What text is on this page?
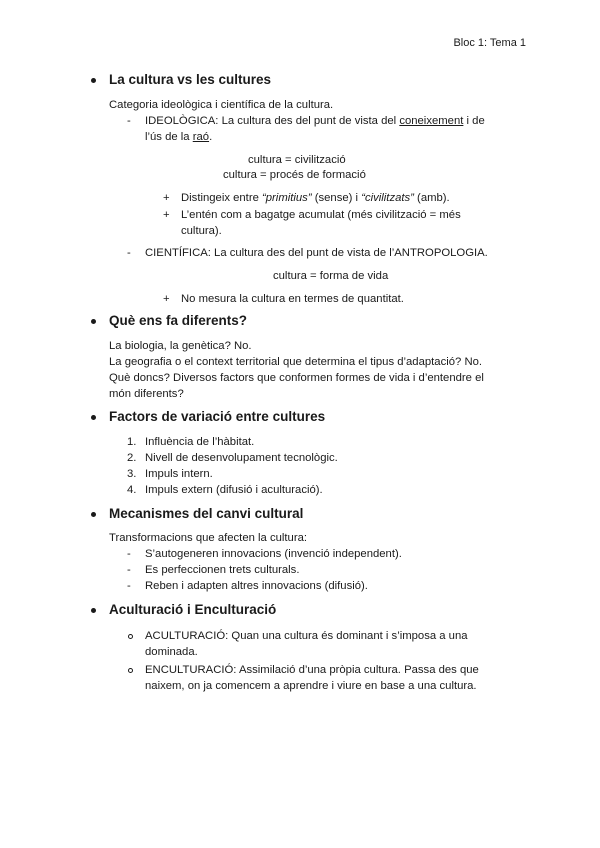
Bloc 1: Tema 1
La cultura vs les cultures
Categoria ideològica i científica de la cultura.
- IDEOLÒGICA: La cultura des del punt de vista del coneixement i de
l’ús de la raó.
cultura = civilització
cultura = procés de formació
+ Distingeix entre “primitius” (sense) i “civilitzats” (amb).
+ L’entén com a bagatge acumulat (més civilització = més
cultura).
- CIENTÍFICA: La cultura des del punt de vista de l’ANTROPOLOGIA.
cultura = forma de vida
+ No mesura la cultura en termes de quantitat.
Què ens fa diferents?
La biologia, la genètica? No.
La geografia o el context territorial que determina el tipus d’adaptació? No.
Què doncs? Diversos factors que conformen formes de vida i d’entendre el
món diferents?
Factors de variació entre cultures
1. Influència de l’hàbitat.
2. Nivell de desenvolupament tecnològic.
3. Impuls intern.
4. Impuls extern (difusió i aculturació).
Mecanismes del canvi cultural
Transformacions que afecten la cultura:
- S’autogeneren innovacions (invenció independent).
- Es perfeccionen trets culturals.
- Reben i adapten altres innovacions (difusió).
Aculturació i Enculturació
ACULTURACIÓ: Quan una cultura és dominant i s’imposa a una
dominada.
ENCULTURACIÓ: Assimilació d’una pròpia cultura. Passa des que
naixem, on ja comencem a aprendre i viure en base a una cultura.
